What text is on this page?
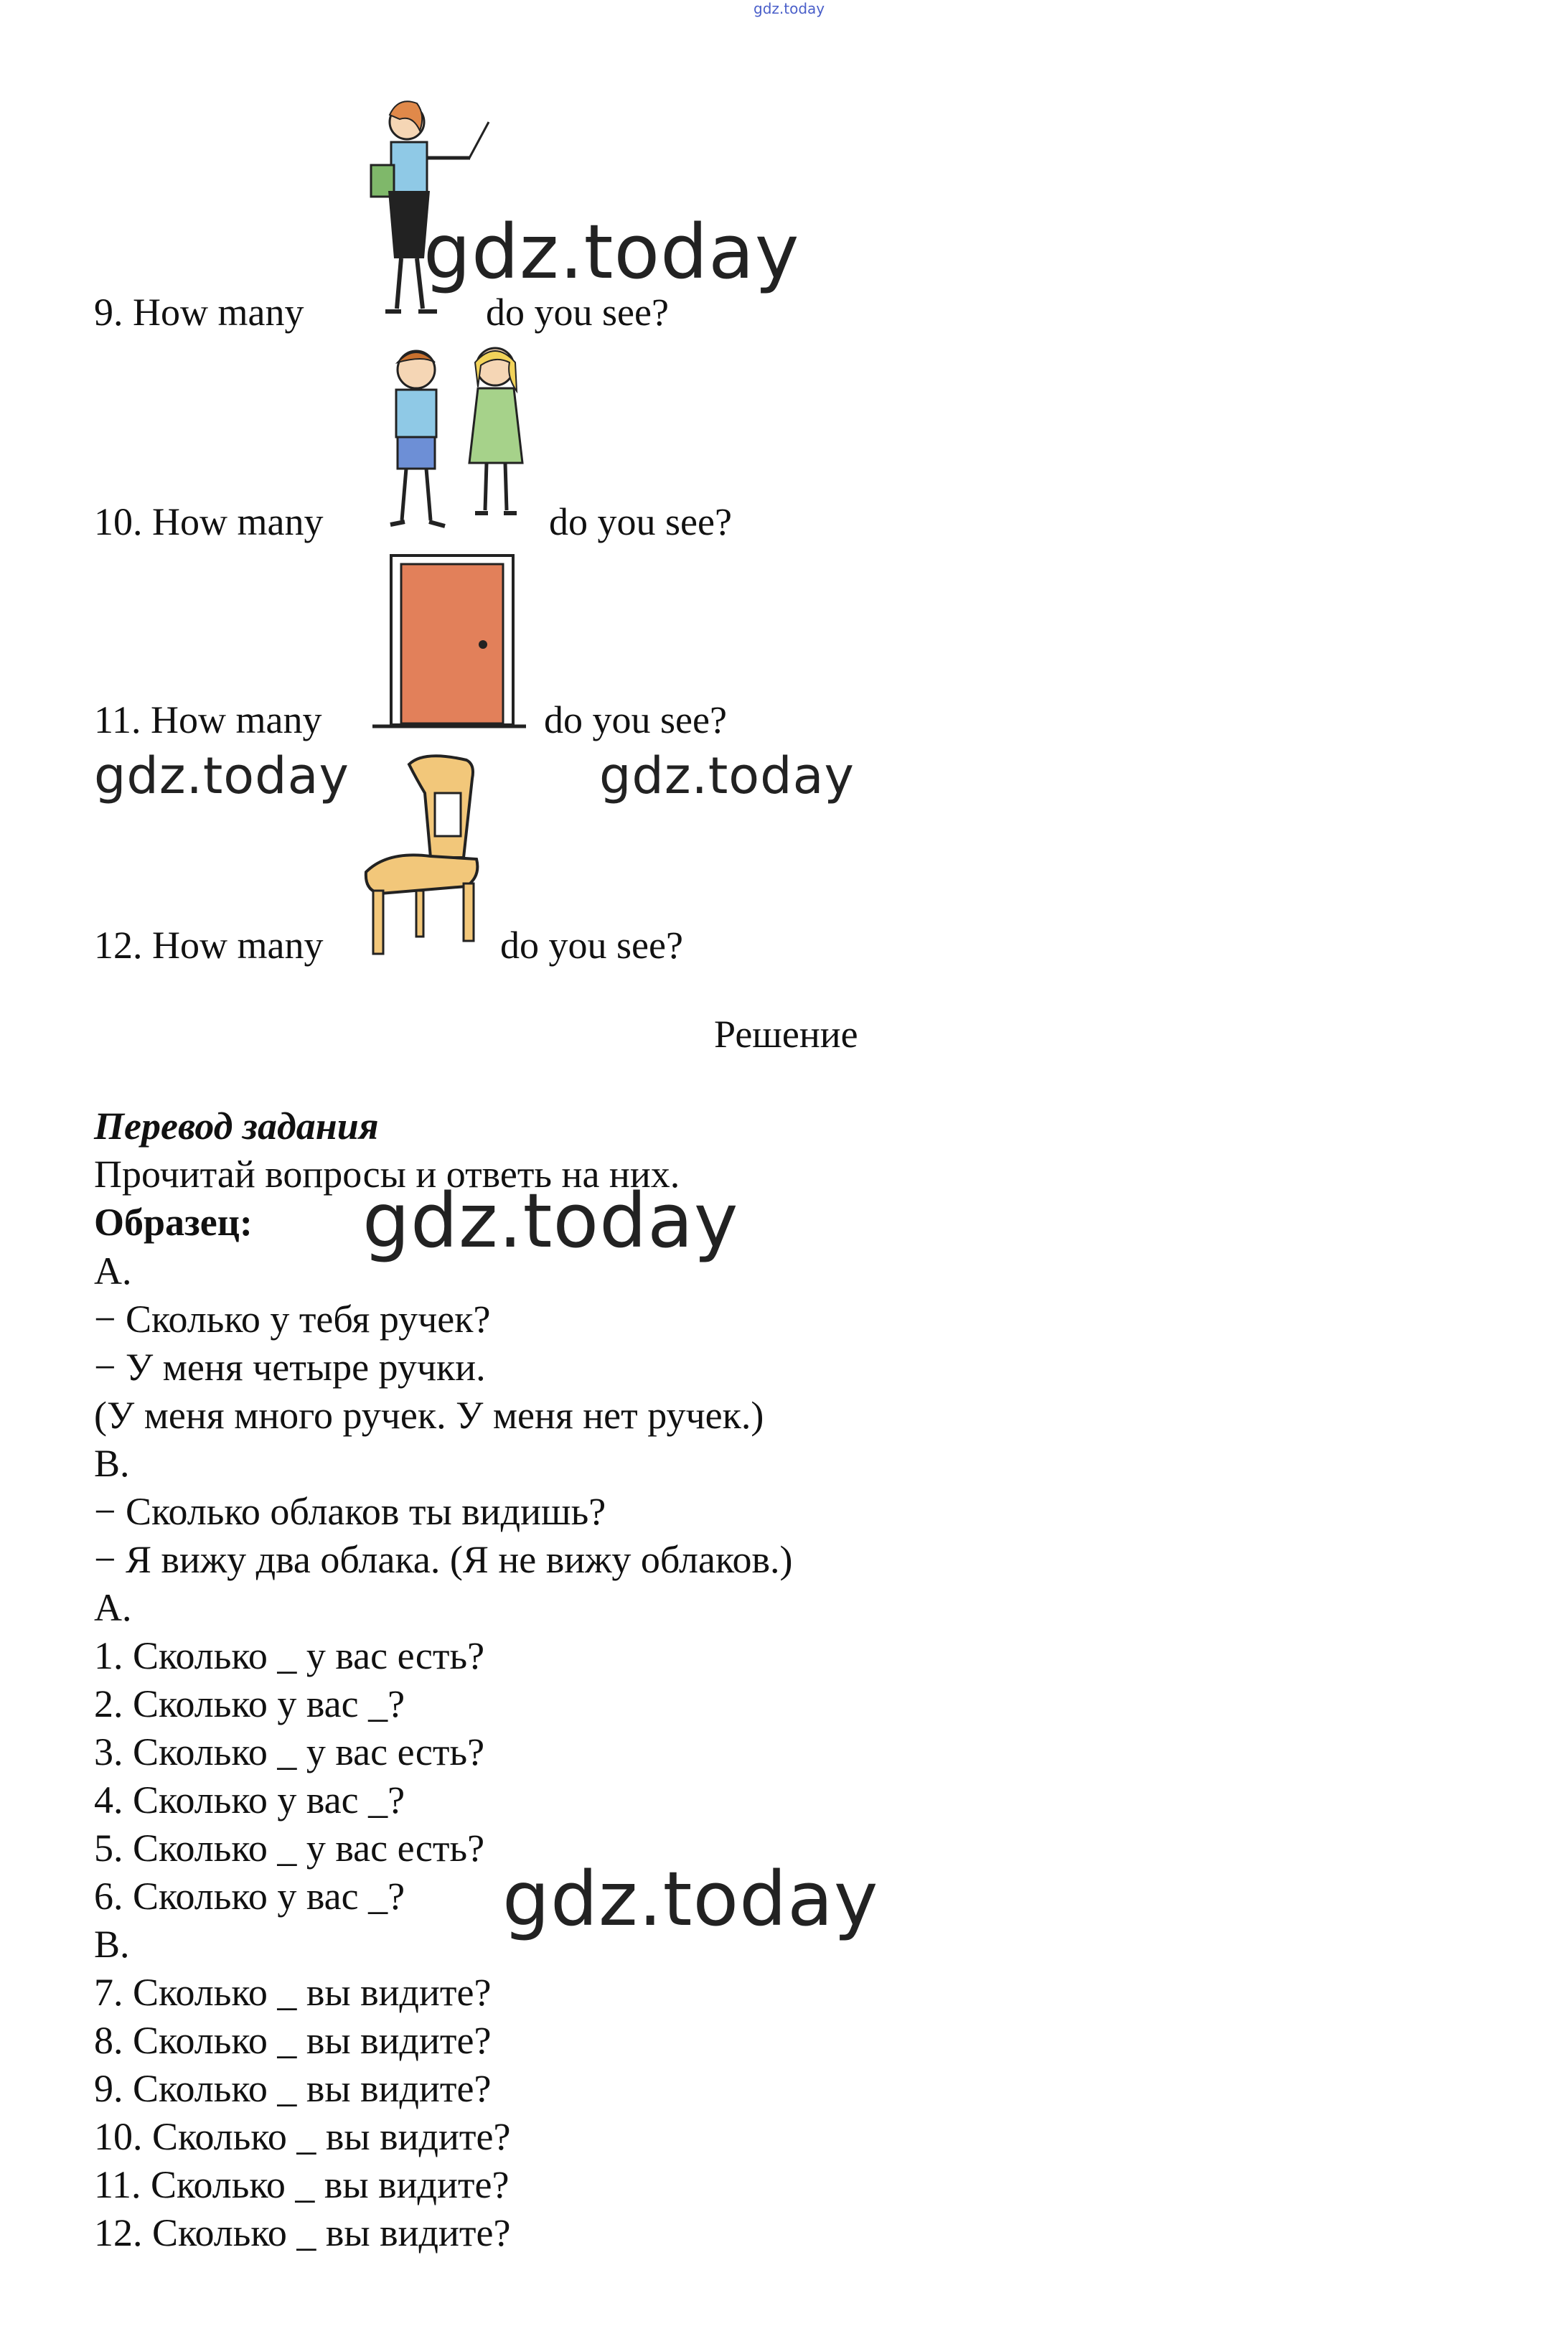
gdz.today
9. How many	do you see?
gdz.today
10. How many	do you see?
11. How many	do you see?
gdz.today	gdz.today
12. How many	do you see?
Решение
Перевод задания
Прочитай вопросы и ответь на них.
Образец: gdz.today
A.
− Сколько у тебя ручек?
− У меня четыре ручки.
(У меня много ручек. У меня нет ручек.)
B.
− Сколько облаков ты видишь?
− Я вижу два облака. (Я не вижу облаков.)
A.
1. Сколько _ у вас есть?
2. Сколько у вас _?
3. Сколько _ у вас есть?
4. Сколько у вас _?
5. Сколько _ у вас есть?
6. Сколько у вас _?
B.
7. Сколько _ вы видите?
8. Сколько _ вы видите?
9. Сколько _ вы видите?
10. Сколько _ вы видите?
11. Сколько _ вы видите?
12. Сколько _ вы видите?
gdz.today
